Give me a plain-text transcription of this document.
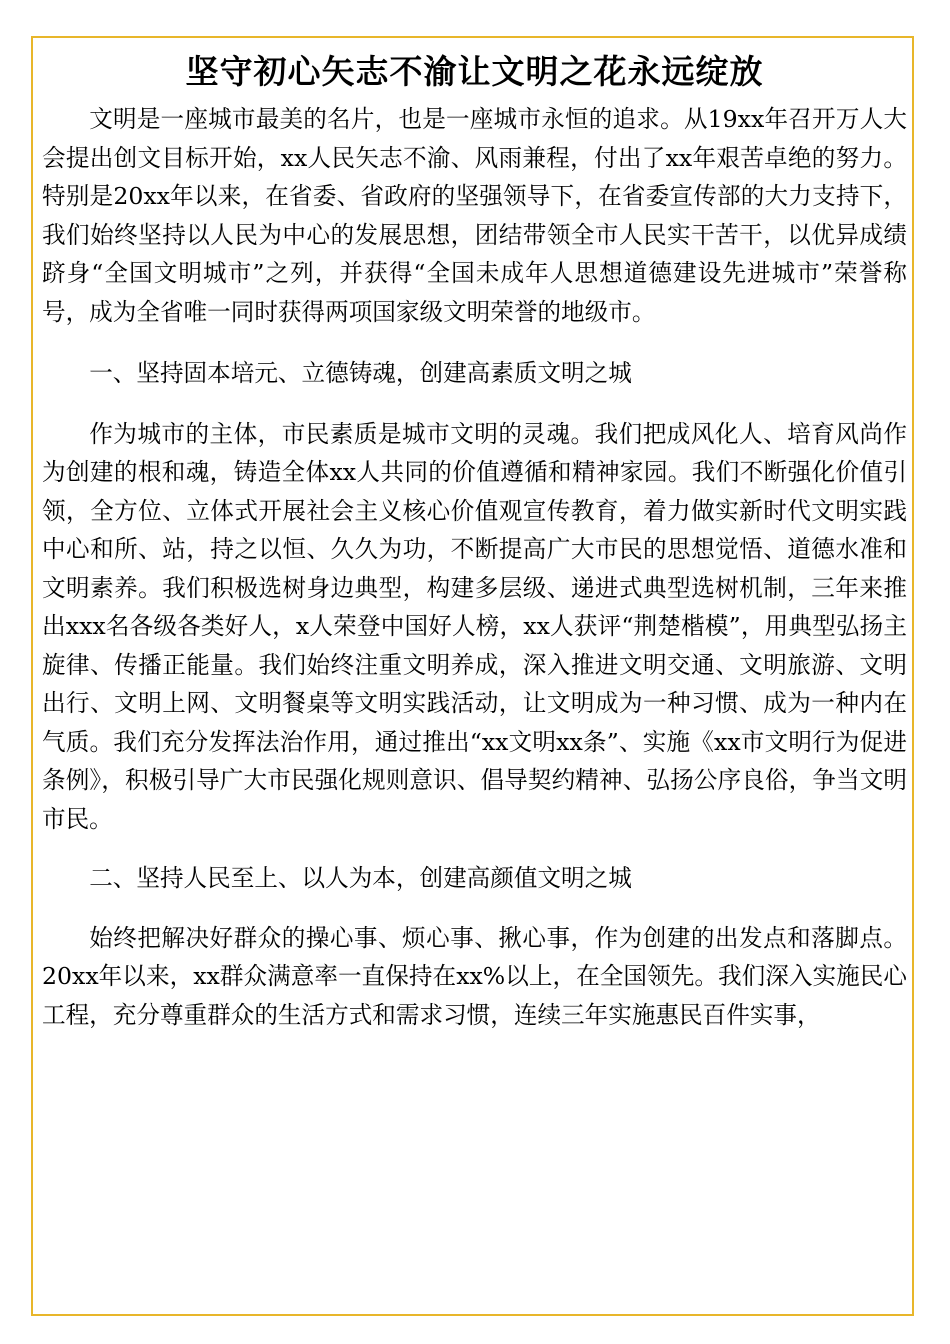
坚守初心矢志不渝让文明之花永远绽放

文明是一座城市最美的名片，也是一座城市永恒的追求。从19xx年召开万人大会提出创文目标开始，xx人民矢志不渝、风雨兼程，付出了xx年艰苦卓绝的努力。特别是20xx年以来，在省委、省政府的坚强领导下，在省委宣传部的大力支持下，我们始终坚持以人民为中心的发展思想，团结带领全市人民实干苦干，以优异成绩跻身“全国文明城市”之列，并获得“全国未成年人思想道德建设先进城市”荣誉称号，成为全省唯一同时获得两项国家级文明荣誉的地级市。

一、坚持固本培元、立德铸魂，创建高素质文明之城

作为城市的主体，市民素质是城市文明的灵魂。我们把成风化人、培育风尚作为创建的根和魂，铸造全体xx人共同的价值遵循和精神家园。我们不断强化价值引领，全方位、立体式开展社会主义核心价值观宣传教育，着力做实新时代文明实践中心和所、站，持之以恒、久久为功，不断提高广大市民的思想觉悟、道德水准和文明素养。我们积极选树身边典型，构建多层级、递进式典型选树机制，三年来推出xxx名各级各类好人，x人荣登中国好人榜，xx人获评“荆楚楷模”，用典型弘扬主旋律、传播正能量。我们始终注重文明养成，深入推进文明交通、文明旅游、文明出行、文明上网、文明餐桌等文明实践活动，让文明成为一种习惯、成为一种内在气质。我们充分发挥法治作用，通过推出“xx文明xx条”、实施《xx市文明行为促进条例》，积极引导广大市民强化规则意识、倡导契约精神、弘扬公序良俗，争当文明市民。

二、坚持人民至上、以人为本，创建高颜值文明之城

始终把解决好群众的操心事、烦心事、揪心事，作为创建的出发点和落脚点。20xx年以来，xx群众满意率一直保持在xx%以上，在全国领先。我们深入实施民心工程，充分尊重群众的生活方式和需求习惯，连续三年实施惠民百件实事，
